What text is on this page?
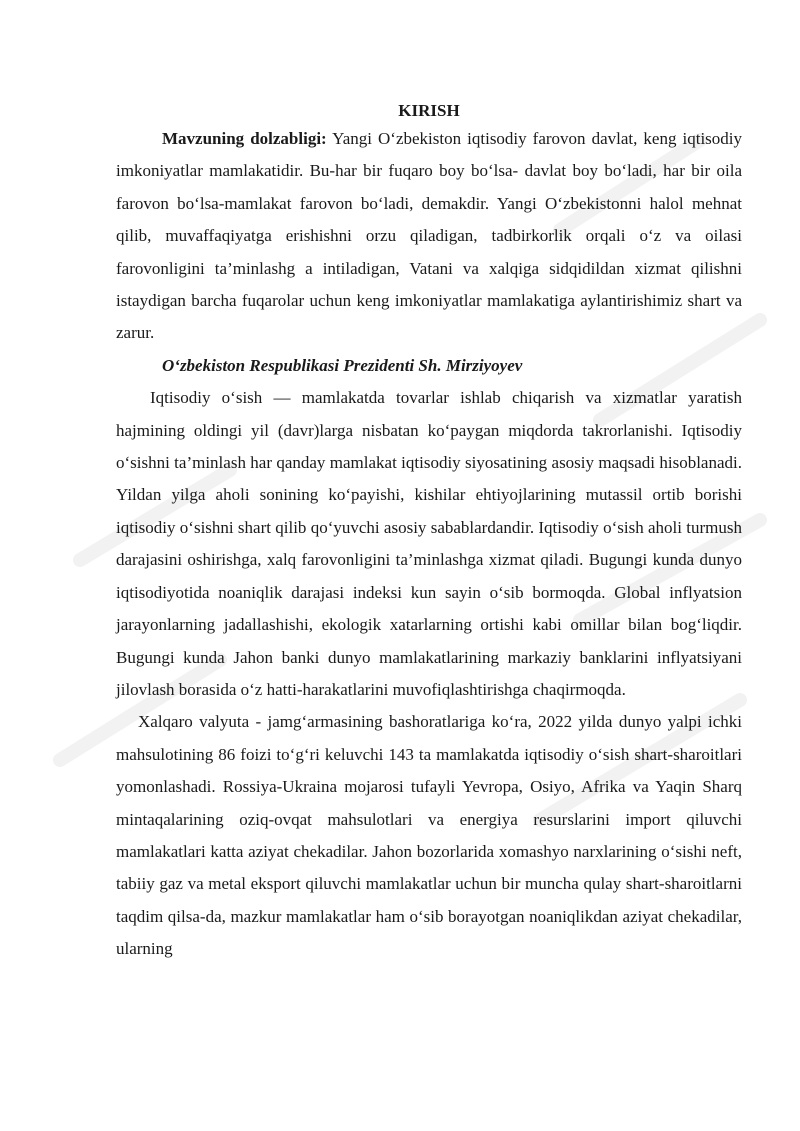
KIRISH

Mavzuning dolzabligi: Yangi O‘zbekiston iqtisodiy farovon davlat, keng iqtisodiy imkoniyatlar mamlakatidir. Bu-har bir fuqaro boy bo‘lsa- davlat boy bo‘ladi, har bir oila farovon bo‘lsa-mamlakat farovon bo‘ladi, demakdir. Yangi O‘zbekistonni halol mehnat qilib, muvaffaqiyatga erishishni orzu qiladigan, tadbirkorlik orqali o‘z va oilasi farovonligini ta’minlashg a intiladigan, Vatani va xalqiga sidqidildan xizmat qilishni istaydigan barcha fuqarolar uchun keng imkoniyatlar mamlakatiga aylantirishimiz shart va zarur.

O‘zbekiston Respublikasi Prezidenti Sh. Mirziyoyev

Iqtisodiy o‘sish — mamlakatda tovarlar ishlab chiqarish va xizmatlar yaratish hajmining oldingi yil (davr)larga nisbatan ko‘paygan miqdorda takrorlanishi. Iqtisodiy o‘sishni ta’minlash har qanday mamlakat iqtisodiy siyosatining asosiy maqsadi hisoblanadi. Yildan yilga aholi sonining ko‘payishi, kishilar ehtiyojlarining mutassil ortib borishi iqtisodiy o‘sishni shart qilib qo‘yuvchi asosiy sabablardandir. Iqtisodiy o‘sish aholi turmush darajasini oshirishga, xalq farovonligini ta’minlashga xizmat qiladi. Bugungi kunda dunyo iqtisodiyotida noaniqlik darajasi indeksi kun sayin o‘sib bormoqda. Global inflyatsion jarayonlarning jadallashishi, ekologik xatarlarning ortishi kabi omillar bilan bog‘liqdir. Bugungi kunda Jahon banki dunyo mamlakatlarining markaziy banklarini inflyatsiyani jilovlash borasida o‘z hatti-harakatlarini muvofiqlashtirishga chaqirmoqda.

Xalqaro valyuta - jamg‘armasining bashoratlariga ko‘ra, 2022 yilda dunyo yalpi ichki mahsulotining 86 foizi to‘g‘ri keluvchi 143 ta mamlakatda iqtisodiy o‘sish shart-sharoitlari yomonlashadi. Rossiya-Ukraina mojarosi tufayli Yevropa, Osiyo, Afrika va Yaqin Sharq mintaqalarining oziq-ovqat mahsulotlari va energiya resurslarini import qiluvchi mamlakatlari katta aziyat chekadilar. Jahon bozorlarida xomashyo narxlarining o‘sishi neft, tabiiy gaz va metal eksport qiluvchi mamlakatlar uchun bir muncha qulay shart-sharoitlarni taqdim qilsa-da, mazkur mamlakatlar ham o‘sib borayotgan noaniqlikdan aziyat chekadilar, ularning
